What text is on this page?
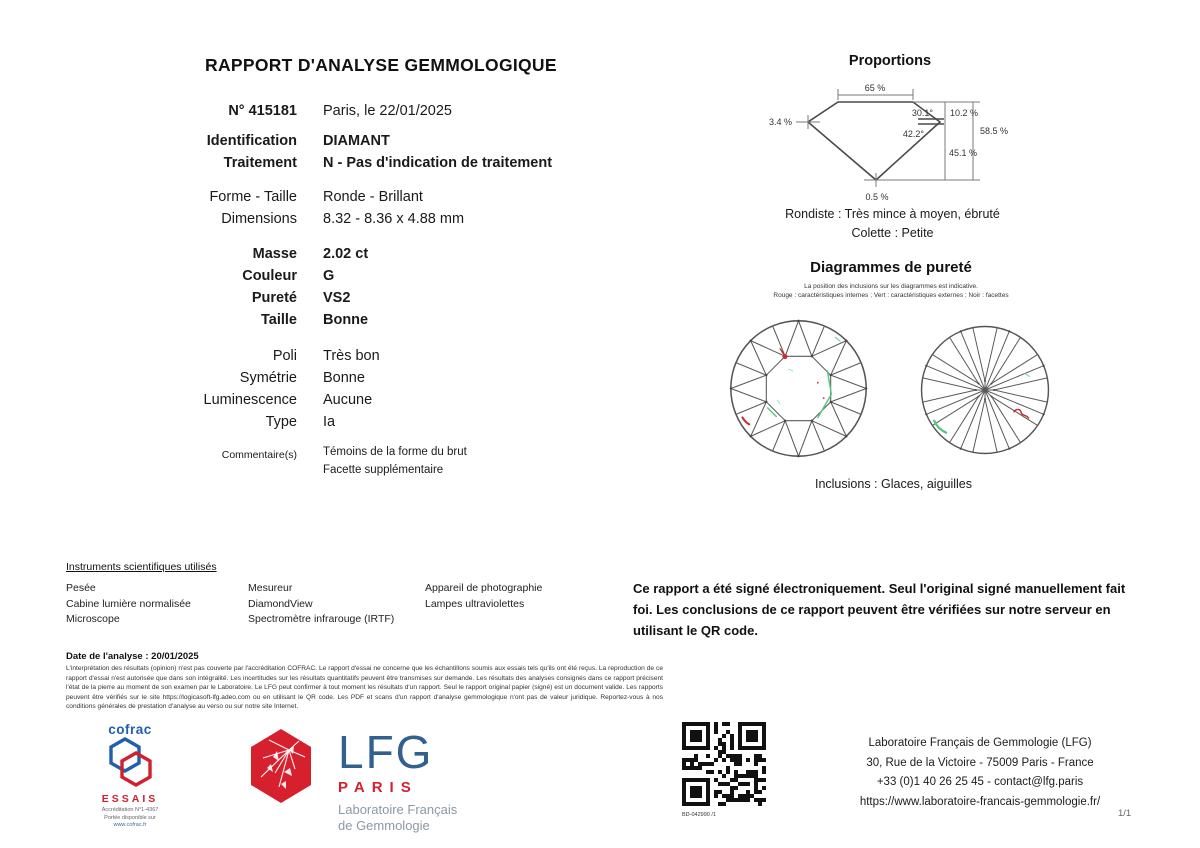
RAPPORT D'ANALYSE GEMMOLOGIQUE
N° 415181 Paris, le 22/01/2025
Identification DIAMANT
Traitement N - Pas d'indication de traitement
Forme - Taille Ronde - Brillant
Dimensions 8.32 - 8.36 x 4.88 mm
Masse 2.02 ct
Couleur G
Pureté VS2
Taille Bonne
Poli Très bon
Symétrie Bonne
Luminescence Aucune
Type Ia
Commentaire(s) Témoins de la forme du brut
Facette supplémentaire
Proportions
65 %
3.4 %
30.1°
42.2°
10.2 %
45.1 %
58.5 %
0.5 %
Rondiste : Très mince à moyen, ébruté
Colette : Petite
Diagrammes de pureté
La position des inclusions sur les diagrammes est indicative.
Rouge : caractéristiques internes ; Vert : caractéristiques externes ; Noir : facettes
Inclusions : Glaces, aiguilles
Instruments scientifiques utilisés
Pesée
Cabine lumière normalisée
Microscope
Mesureur
DiamondView
Spectromètre infrarouge (IRTF)
Appareil de photographie
Lampes ultraviolettes
Ce rapport a été signé électroniquement. Seul l'original signé manuellement fait foi. Les conclusions de ce rapport peuvent être vérifiées sur notre serveur en utilisant le QR code.
Date de l'analyse : 20/01/2025
L'interprétation des résultats (opinion) n'est pas couverte par l'accréditation COFRAC. Le rapport d'essai ne concerne que les échantillons soumis aux essais tels qu'ils ont été reçus. La reproduction de ce rapport d'essai n'est autorisée que dans son intégralité. Les incertitudes sur les résultats quantitatifs peuvent être transmises sur demande. Les résultats des analyses consignés dans ce rapport précisent l'état de la pierre au moment de son examen par le Laboratoire. Le LFG peut confirmer à tout moment les résultats d'un rapport. Seul le rapport original papier (signé) est un document valide. Les rapports peuvent être vérifiés sur le site https://logicasoft-lfg.adeo.com ou en utilisant le QR code. Les PDF et scans d'un rapport d'analyse gemmologique n'ont pas de valeur juridique. Reportez-vous à nos conditions générales de prestation d'analyse au verso ou sur notre site Internet.
cofrac
ESSAIS
Accréditation N°1-4367
Portée disponible sur
www.cofrac.fr
LFG
PARIS
Laboratoire Français
de Gemmologie
BD-042990 /1
Laboratoire Français de Gemmologie (LFG)
30, Rue de la Victoire - 75009 Paris - France
+33 (0)1 40 26 25 45 - contact@lfg.paris
https://www.laboratoire-francais-gemmologie.fr/
1/1
